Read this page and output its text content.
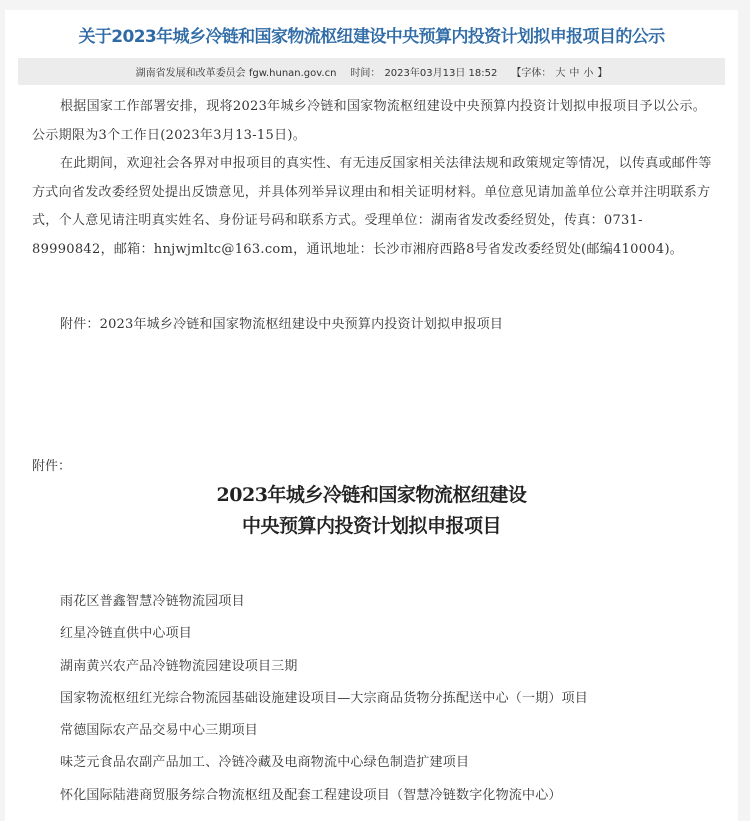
关于2023年城乡冷链和国家物流枢纽建设中央预算内投资计划拟申报项目的公示
湖南省发展和改革委员会 fgw.hunan.gov.cn 时间： 2023年03月13日 18:52 【字体： 大 中 小 】

根据国家工作部署安排，现将2023年城乡冷链和国家物流枢纽建设中央预算内投资计划拟申报项目予以公示。公示期限为3个工作日(2023年3月13-15日)。

在此期间，欢迎社会各界对申报项目的真实性、有无违反国家相关法律法规和政策规定等情况，以传真或邮件等方式向省发改委经贸处提出反馈意见，并具体列举异议理由和相关证明材料。单位意见请加盖单位公章并注明联系方式，个人意见请注明真实姓名、身份证号码和联系方式。受理单位：湖南省发改委经贸处，传真：0731-89990842，邮箱：hnjwjmltc@163.com，通讯地址：长沙市湘府西路8号省发改委经贸处(邮编410004)。

附件：2023年城乡冷链和国家物流枢纽建设中央预算内投资计划拟申报项目
附件：
2023年城乡冷链和国家物流枢纽建设
中央预算内投资计划拟申报项目
雨花区普鑫智慧冷链物流园项目
红星冷链直供中心项目
湖南黄兴农产品冷链物流园建设项目三期
国家物流枢纽红光综合物流园基础设施建设项目—大宗商品货物分拣配送中心（一期）项目
常德国际农产品交易中心三期项目
味芝元食品农副产品加工、冷链冷藏及电商物流中心绿色制造扩建项目
怀化国际陆港商贸服务综合物流枢纽及配套工程建设项目（智慧冷链数字化物流中心）
